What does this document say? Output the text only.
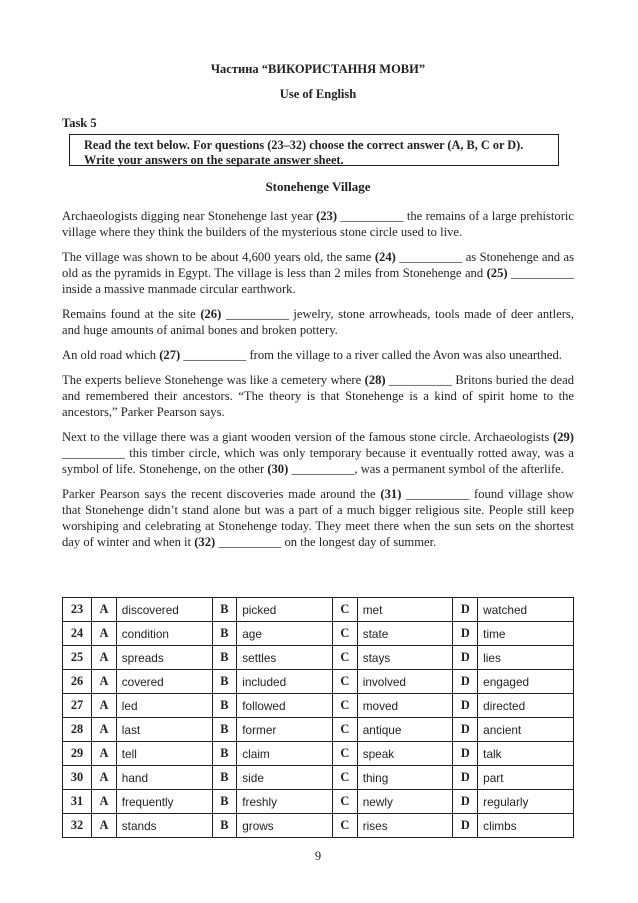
Частина “ВИКОРИСТАННЯ МОВИ”
Use of English
Task 5
Read the text below. For questions (23–32) choose the correct answer (A, B, C or D).
Write your answers on the separate answer sheet.
Stonehenge Village

Archaeologists digging near Stonehenge last year (23) __________ the remains of a large prehistoric village where they think the builders of the mysterious stone circle used to live.

The village was shown to be about 4,600 years old, the same (24) __________ as Stonehenge and as old as the pyramids in Egypt. The village is less than 2 miles from Stonehenge and (25) __________ inside a massive manmade circular earthwork.

Remains found at the site (26) __________ jewelry, stone arrowheads, tools made of deer antlers, and huge amounts of animal bones and broken pottery.

An old road which (27) __________ from the village to a river called the Avon was also unearthed.

The experts believe Stonehenge was like a cemetery where (28) __________ Britons buried the dead and remembered their ancestors. “The theory is that Stonehenge is a kind of spirit home to the ancestors,” Parker Pearson says.

Next to the village there was a giant wooden version of the famous stone circle. Archaeologists (29) __________ this timber circle, which was only temporary because it eventually rotted away, was a symbol of life. Stonehenge, on the other (30) __________, was a permanent symbol of the afterlife.

Parker Pearson says the recent discoveries made around the (31) __________ found village show that Stonehenge didn’t stand alone but was a part of a much bigger religious site. People still keep worshiping and celebrating at Stonehenge today. They meet there when the sun sets on the shortest day of winter and when it (32) __________ on the longest day of summer.

23	A	discovered	B	picked	C	met	D	watched
24	A	condition	B	age	C	state	D	time
25	A	spreads	B	settles	C	stays	D	lies
26	A	covered	B	included	C	involved	D	engaged
27	A	led	B	followed	C	moved	D	directed
28	A	last	B	former	C	antique	D	ancient
29	A	tell	B	claim	C	speak	D	talk
30	A	hand	B	side	C	thing	D	part
31	A	frequently	B	freshly	C	newly	D	regularly
32	A	stands	B	grows	C	rises	D	climbs
9
